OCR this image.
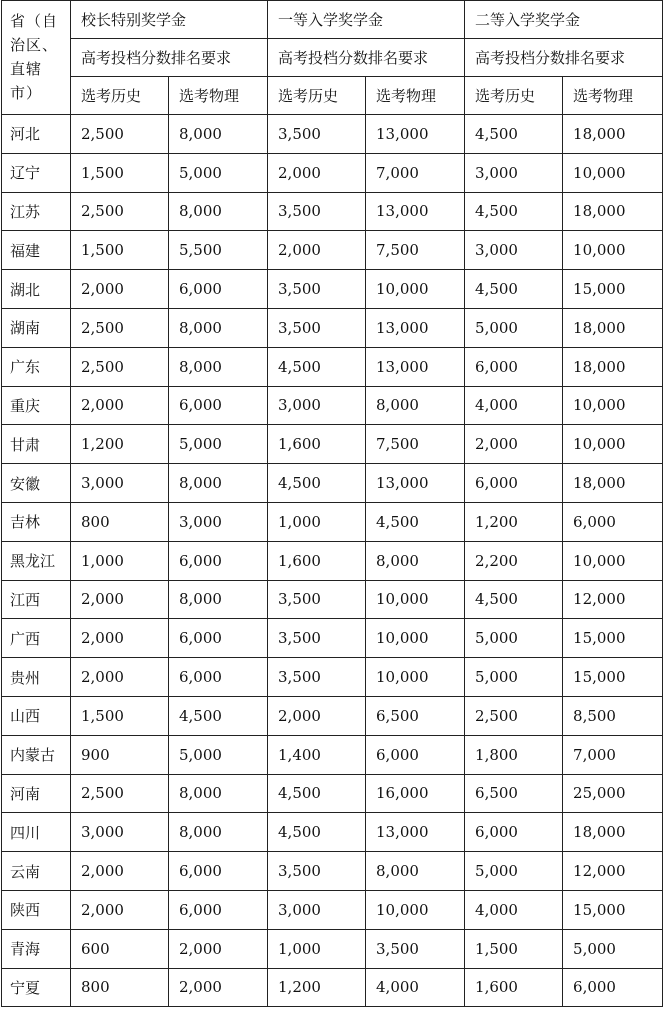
省（自治区、直辖市）	校长特别奖学金		一等入学奖学金		二等入学奖学金	
	高考投档分数排名要求		高考投档分数排名要求		高考投档分数排名要求	
	选考历史	选考物理	选考历史	选考物理	选考历史	选考物理
河北	2,500	8,000	3,500	13,000	4,500	18,000
辽宁	1,500	5,000	2,000	7,000	3,000	10,000
江苏	2,500	8,000	3,500	13,000	4,500	18,000
福建	1,500	5,500	2,000	7,500	3,000	10,000
湖北	2,000	6,000	3,500	10,000	4,500	15,000
湖南	2,500	8,000	3,500	13,000	5,000	18,000
广东	2,500	8,000	4,500	13,000	6,000	18,000
重庆	2,000	6,000	3,000	8,000	4,000	10,000
甘肃	1,200	5,000	1,600	7,500	2,000	10,000
安徽	3,000	8,000	4,500	13,000	6,000	18,000
吉林	800	3,000	1,000	4,500	1,200	6,000
黑龙江	1,000	6,000	1,600	8,000	2,200	10,000
江西	2,000	8,000	3,500	10,000	4,500	12,000
广西	2,000	6,000	3,500	10,000	5,000	15,000
贵州	2,000	6,000	3,500	10,000	5,000	15,000
山西	1,500	4,500	2,000	6,500	2,500	8,500
内蒙古	900	5,000	1,400	6,000	1,800	7,000
河南	2,500	8,000	4,500	16,000	6,500	25,000
四川	3,000	8,000	4,500	13,000	6,000	18,000
云南	2,000	6,000	3,500	8,000	5,000	12,000
陕西	2,000	6,000	3,000	10,000	4,000	15,000
青海	600	2,000	1,000	3,500	1,500	5,000
宁夏	800	2,000	1,200	4,000	1,600	6,000
